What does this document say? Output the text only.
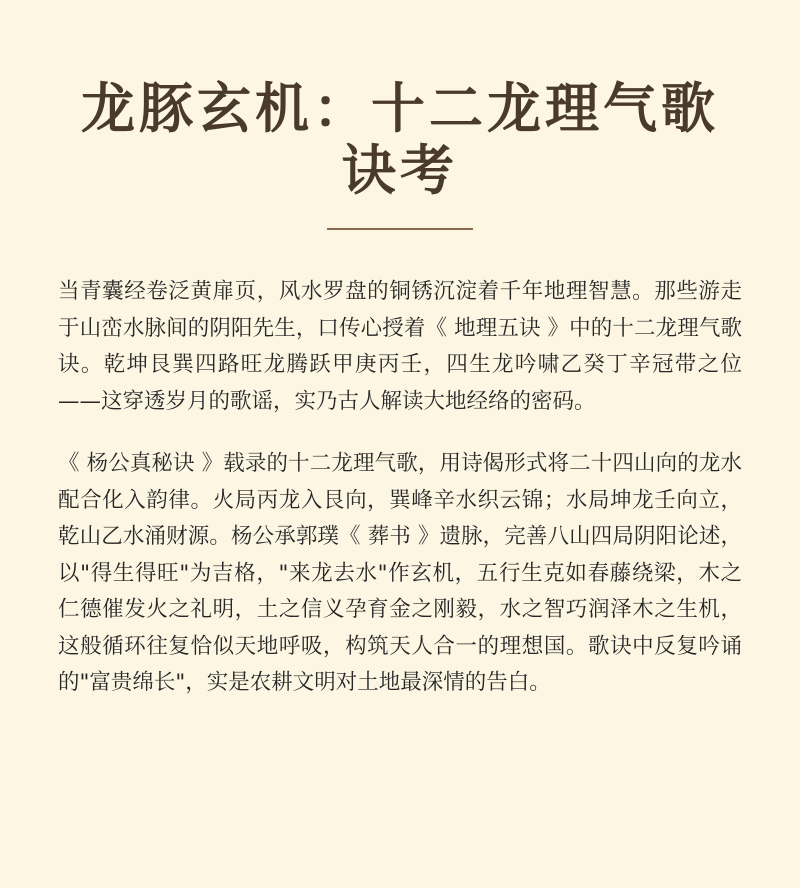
龙豚玄机：十二龙理气歌诀考

当青囊经卷泛黄扉页，风水罗盘的铜锈沉淀着千年地理智慧。那些游走于山峦水脉间的阴阳先生，口传心授着《 地理五诀 》中的十二龙理气歌诀。乾坤艮巽四路旺龙腾跃甲庚丙壬，四生龙吟啸乙癸丁辛冠带之位——这穿透岁月的歌谣，实乃古人解读大地经络的密码。

《 杨公真秘诀 》载录的十二龙理气歌，用诗偈形式将二十四山向的龙水配合化入韵律。火局丙龙入艮向，巽峰辛水织云锦；水局坤龙壬向立，乾山乙水涌财源。杨公承郭璞《 葬书 》遗脉，完善八山四局阴阳论述，以"得生得旺"为吉格，"来龙去水"作玄机，五行生克如春藤绕梁，木之仁德催发火之礼明，土之信义孕育金之刚毅，水之智巧润泽木之生机，这般循环往复恰似天地呼吸，构筑天人合一的理想国。歌诀中反复吟诵的"富贵绵长"，实是农耕文明对土地最深情的告白。
